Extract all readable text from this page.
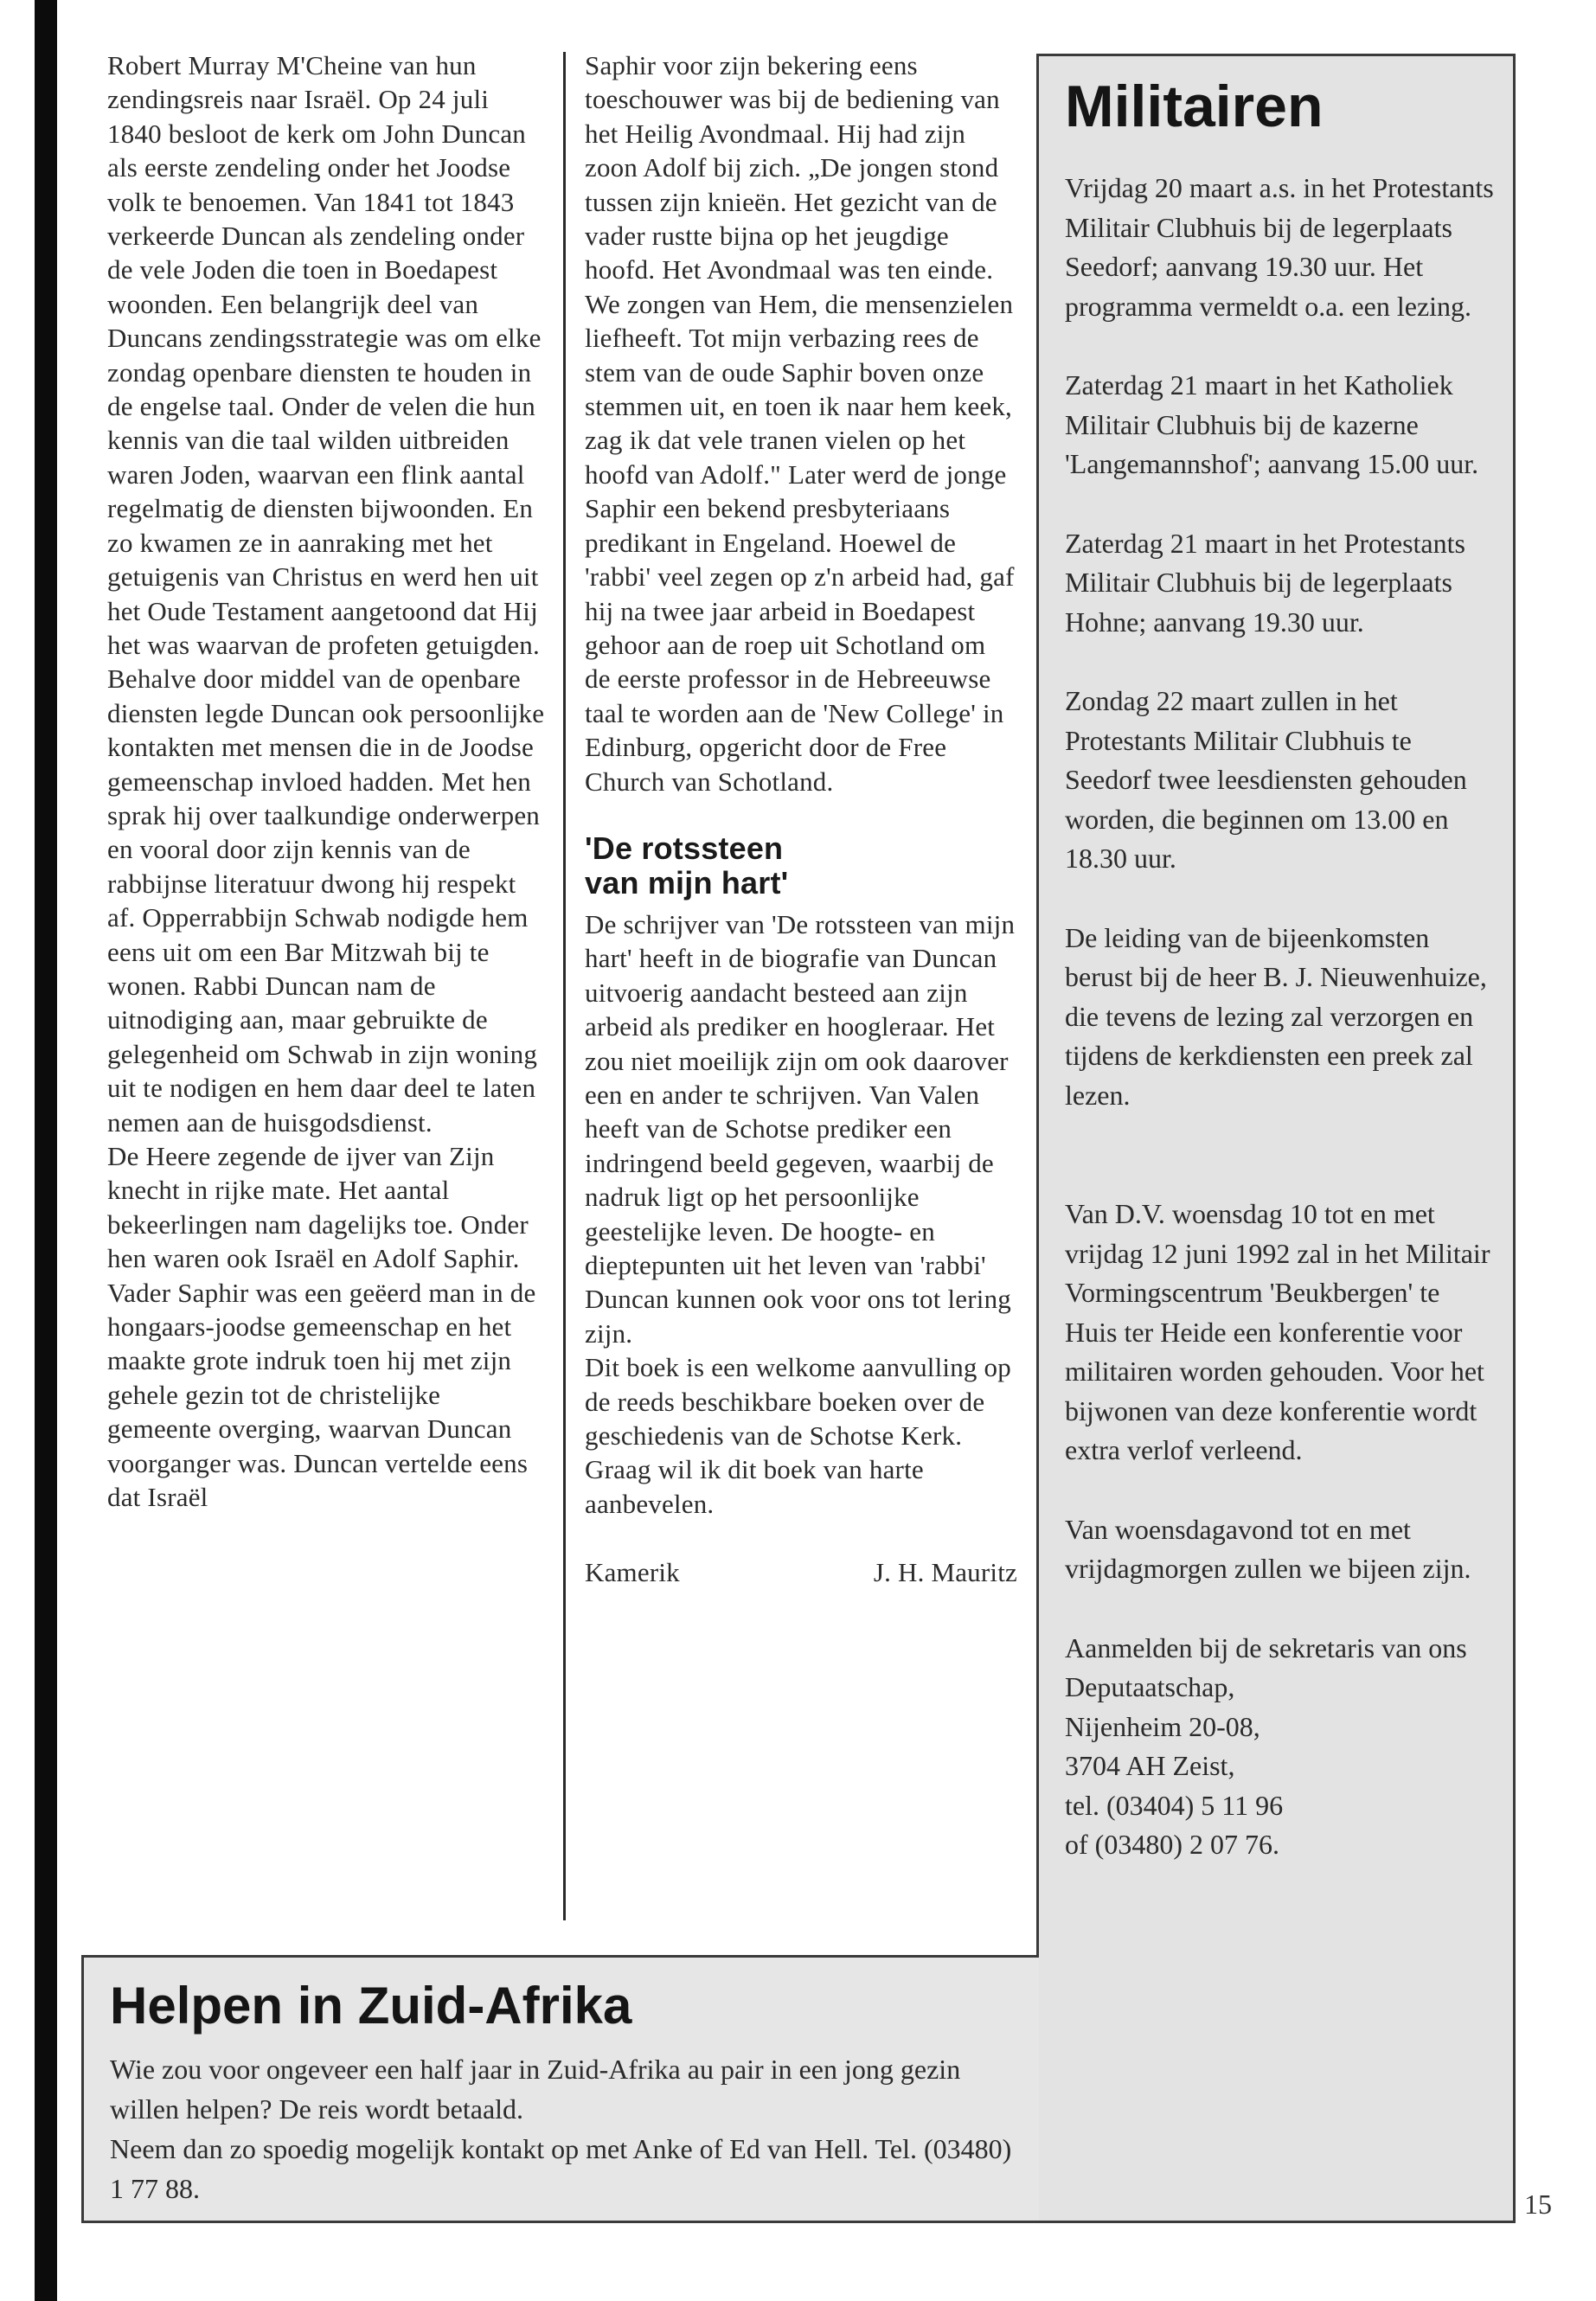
Robert Murray M'Cheine van hun zendingsreis naar Israël. Op 24 juli 1840 besloot de kerk om John Duncan als eerste zendeling onder het Joodse volk te benoemen. Van 1841 tot 1843 verkeerde Duncan als zendeling onder de vele Joden die toen in Boedapest woonden. Een belangrijk deel van Duncans zendingsstrategie was om elke zondag openbare diensten te houden in de engelse taal. Onder de velen die hun kennis van die taal wilden uitbreiden waren Joden, waarvan een flink aantal regelmatig de diensten bijwoonden. En zo kwamen ze in aanraking met het getuigenis van Christus en werd hen uit het Oude Testament aangetoond dat Hij het was waarvan de profeten getuigden. Behalve door middel van de openbare diensten legde Duncan ook persoonlijke kontakten met mensen die in de Joodse gemeenschap invloed hadden. Met hen sprak hij over taalkundige onderwerpen en vooral door zijn kennis van de rabbijnse literatuur dwong hij respekt af. Opperrabbijn Schwab nodigde hem eens uit om een Bar Mitzwah bij te wonen. Rabbi Duncan nam de uitnodiging aan, maar gebruikte de gelegenheid om Schwab in zijn woning uit te nodigen en hem daar deel te laten nemen aan de huisgodsdienst.

De Heere zegende de ijver van Zijn knecht in rijke mate. Het aantal bekeerlingen nam dagelijks toe. Onder hen waren ook Israël en Adolf Saphir. Vader Saphir was een geëerd man in de hongaars-joodse gemeenschap en het maakte grote indruk toen hij met zijn gehele gezin tot de christelijke gemeente overging, waarvan Duncan voorganger was. Duncan vertelde eens dat Israël

Saphir voor zijn bekering eens toeschouwer was bij de bediening van het Heilig Avondmaal. Hij had zijn zoon Adolf bij zich. „De jongen stond tussen zijn knieën. Het gezicht van de vader rustte bijna op het jeugdige hoofd. Het Avondmaal was ten einde. We zongen van Hem, die mensenzielen liefheeft. Tot mijn verbazing rees de stem van de oude Saphir boven onze stemmen uit, en toen ik naar hem keek, zag ik dat vele tranen vielen op het hoofd van Adolf." Later werd de jonge Saphir een bekend presbyteriaans predikant in Engeland. Hoewel de 'rabbi' veel zegen op z'n arbeid had, gaf hij na twee jaar arbeid in Boedapest gehoor aan de roep uit Schotland om de eerste professor in de Hebreeuwse taal te worden aan de 'New College' in Edinburg, opgericht door de Free Church van Schotland.

'De rotssteen
van mijn hart'

De schrijver van 'De rotssteen van mijn hart' heeft in de biografie van Duncan uitvoerig aandacht besteed aan zijn arbeid als prediker en hoogleraar. Het zou niet moeilijk zijn om ook daarover een en ander te schrijven. Van Valen heeft van de Schotse prediker een indringend beeld gegeven, waarbij de nadruk ligt op het persoonlijke geestelijke leven. De hoogte- en dieptepunten uit het leven van 'rabbi' Duncan kunnen ook voor ons tot lering zijn.

Dit boek is een welkome aanvulling op de reeds beschikbare boeken over de geschiedenis van de Schotse Kerk. Graag wil ik dit boek van harte aanbevelen.

Kamerik	J. H. Mauritz
Militairen

Vrijdag 20 maart a.s. in het Protestants Militair Clubhuis bij de legerplaats Seedorf; aanvang 19.30 uur. Het programma vermeldt o.a. een lezing.

Zaterdag 21 maart in het Katholiek Militair Clubhuis bij de kazerne 'Langemannshof'; aanvang 15.00 uur.

Zaterdag 21 maart in het Protestants Militair Clubhuis bij de legerplaats Hohne; aanvang 19.30 uur.

Zondag 22 maart zullen in het Protestants Militair Clubhuis te Seedorf twee leesdiensten gehouden worden, die beginnen om 13.00 en 18.30 uur.

De leiding van de bijeenkomsten berust bij de heer B. J. Nieuwenhuize, die tevens de lezing zal verzorgen en tijdens de kerkdiensten een preek zal lezen.

Van D.V. woensdag 10 tot en met vrijdag 12 juni 1992 zal in het Militair Vormingscentrum 'Beukbergen' te Huis ter Heide een konferentie voor militairen worden gehouden. Voor het bijwonen van deze konferentie wordt extra verlof verleend.

Van woensdagavond tot en met vrijdagmorgen zullen we bijeen zijn.

Aanmelden bij de sekretaris van ons Deputaatschap,
Nijenheim 20-08,
3704 AH Zeist,
tel. (03404) 5 11 96
of (03480) 2 07 76.

Helpen in Zuid-Afrika

Wie zou voor ongeveer een half jaar in Zuid-Afrika au pair in een jong gezin willen helpen? De reis wordt betaald.

Neem dan zo spoedig mogelijk kontakt op met Anke of Ed van Hell. Tel. (03480) 1 77 88.	15
